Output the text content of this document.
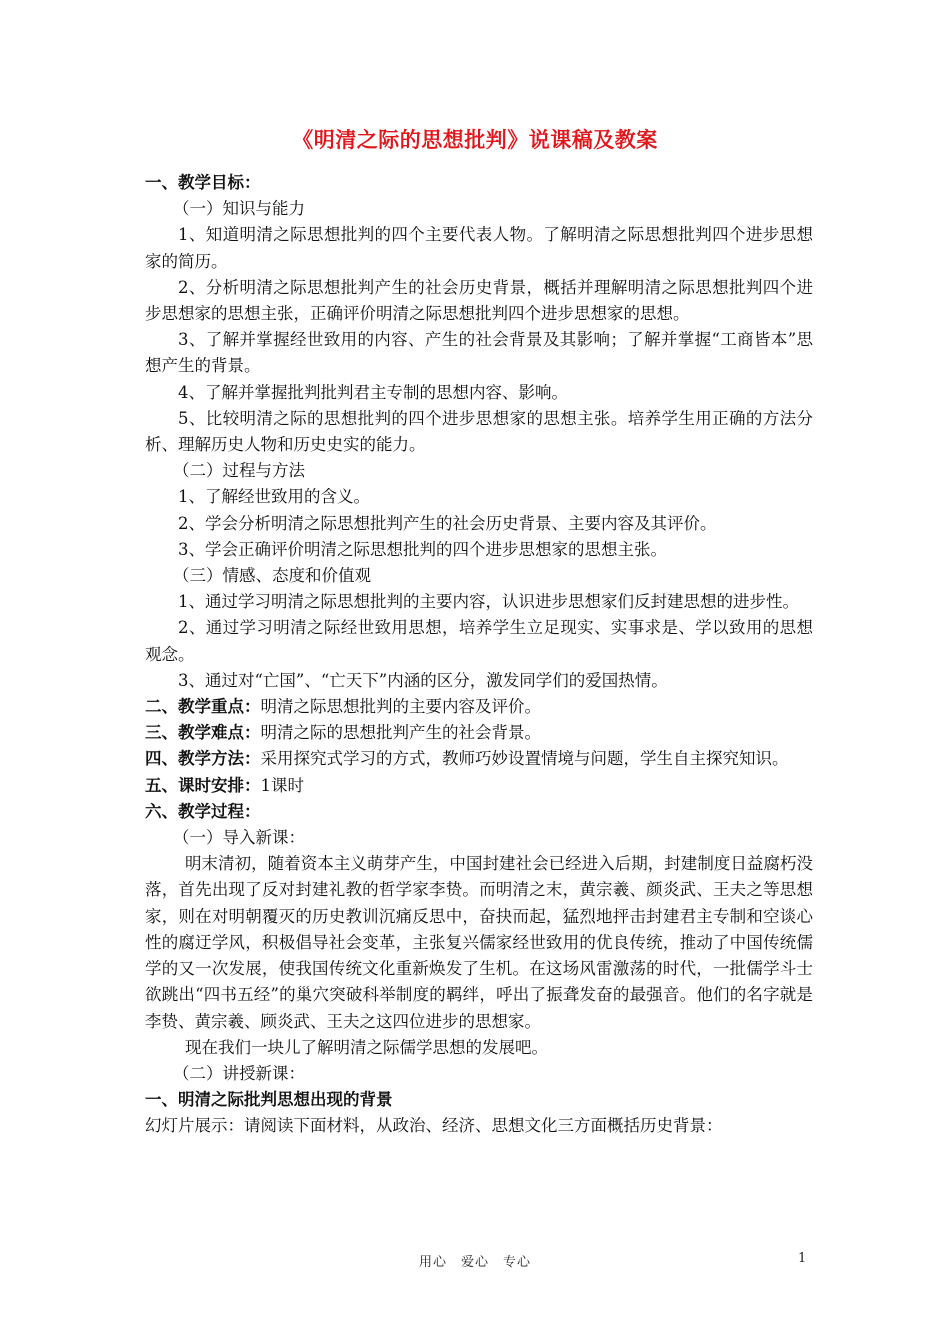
《明清之际的思想批判》说课稿及教案

一、教学目标：

（一）知识与能力

1、知道明清之际思想批判的四个主要代表人物。了解明清之际思想批判四个进步思想家的简历。

2、分析明清之际思想批判产生的社会历史背景，概括并理解明清之际思想批判四个进步思想家的思想主张，正确评价明清之际思想批判四个进步思想家的思想。

3、了解并掌握经世致用的内容、产生的社会背景及其影响；了解并掌握“工商皆本”思想产生的背景。

4、了解并掌握批判批判君主专制的思想内容、影响。

5、比较明清之际的思想批判的四个进步思想家的思想主张。培养学生用正确的方法分析、理解历史人物和历史史实的能力。

（二）过程与方法

1、了解经世致用的含义。

2、学会分析明清之际思想批判产生的社会历史背景、主要内容及其评价。

3、学会正确评价明清之际思想批判的四个进步思想家的思想主张。

（三）情感、态度和价值观

1、通过学习明清之际思想批判的主要内容，认识进步思想家们反封建思想的进步性。

2、通过学习明清之际经世致用思想，培养学生立足现实、实事求是、学以致用的思想观念。

3、通过对“亡国”、“亡天下”内涵的区分，激发同学们的爱国热情。

二、教学重点：明清之际思想批判的主要内容及评价。

三、教学难点：明清之际的思想批判产生的社会背景。

四、教学方法：采用探究式学习的方式，教师巧妙设置情境与问题，学生自主探究知识。

五、课时安排：1课时

六、教学过程：

（一）导入新课：

明末清初，随着资本主义萌芽产生，中国封建社会已经进入后期，封建制度日益腐朽没落，首先出现了反对封建礼教的哲学家李贽。而明清之末，黄宗羲、颜炎武、王夫之等思想家，则在对明朝覆灭的历史教训沉痛反思中，奋抉而起，猛烈地抨击封建君主专制和空谈心性的腐迂学风，积极倡导社会变革，主张复兴儒家经世致用的优良传统，推动了中国传统儒学的又一次发展，使我国传统文化重新焕发了生机。在这场风雷激荡的时代，一批儒学斗士欲跳出“四书五经”的巢穴突破科举制度的羁绊，呼出了振聋发奋的最强音。他们的名字就是李贽、黄宗羲、顾炎武、王夫之这四位进步的思想家。

现在我们一块儿了解明清之际儒学思想的发展吧。

（二）讲授新课：

一、明清之际批判思想出现的背景

幻灯片展示：请阅读下面材料，从政治、经济、思想文化三方面概括历史背景：

用心　爱心　专心	1
